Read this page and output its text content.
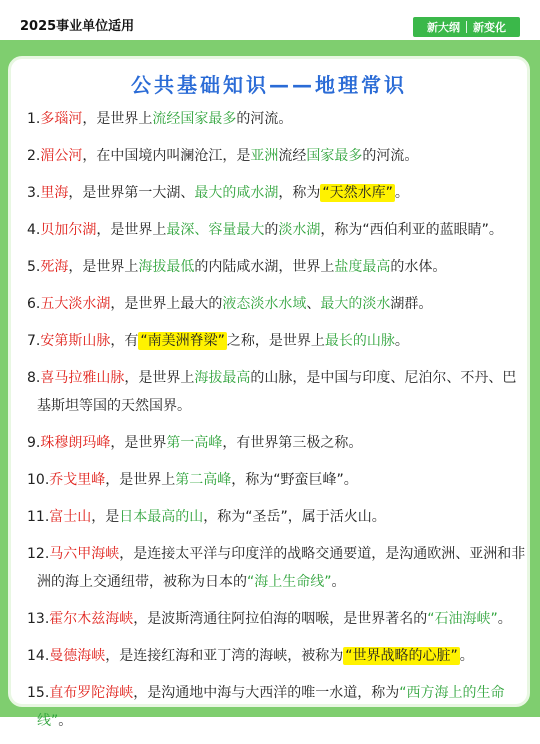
2025事业单位适用	新大纲	新变化
公共基础知识——地理常识
1.多瑙河，是世界上流经国家最多的河流。
2.湄公河，在中国境内叫澜沧江，是亚洲流经国家最多的河流。
3.里海，是世界第一大湖、最大的咸水湖，称为 “天然水库” 。
4.贝加尔湖，是世界上最深、容量最大的淡水湖，称为“西伯利亚的蓝眼睛”。
5.死海，是世界上海拔最低的内陆咸水湖，世界上盐度最高的水体。
6.五大淡水湖，是世界上最大的液态淡水水域、最大的淡水湖群。
7.安第斯山脉，有 “南美洲脊梁” 之称，是世界上最长的山脉。
8.喜马拉雅山脉，是世界上海拔最高的山脉，是中国与印度、尼泊尔、不丹、巴基斯坦等国的天然国界。
9.珠穆朗玛峰，是世界第一高峰，有世界第三极之称。
10.乔戈里峰，是世界上第二高峰，称为“野蛮巨峰”。
11.富士山，是日本最高的山，称为“圣岳”，属于活火山。
12.马六甲海峡，是连接太平洋与印度洋的战略交通要道，是沟通欧洲、亚洲和非洲的海上交通纽带，被称为日本的“海上生命线”。
13.霍尔木兹海峡，是波斯湾通往阿拉伯海的咽喉，是世界著名的“石油海峡”。
14.曼德海峡，是连接红海和亚丁湾的海峡，被称为 “世界战略的心脏” 。
15.直布罗陀海峡，是沟通地中海与大西洋的唯一水道，称为“西方海上的生命线”。
